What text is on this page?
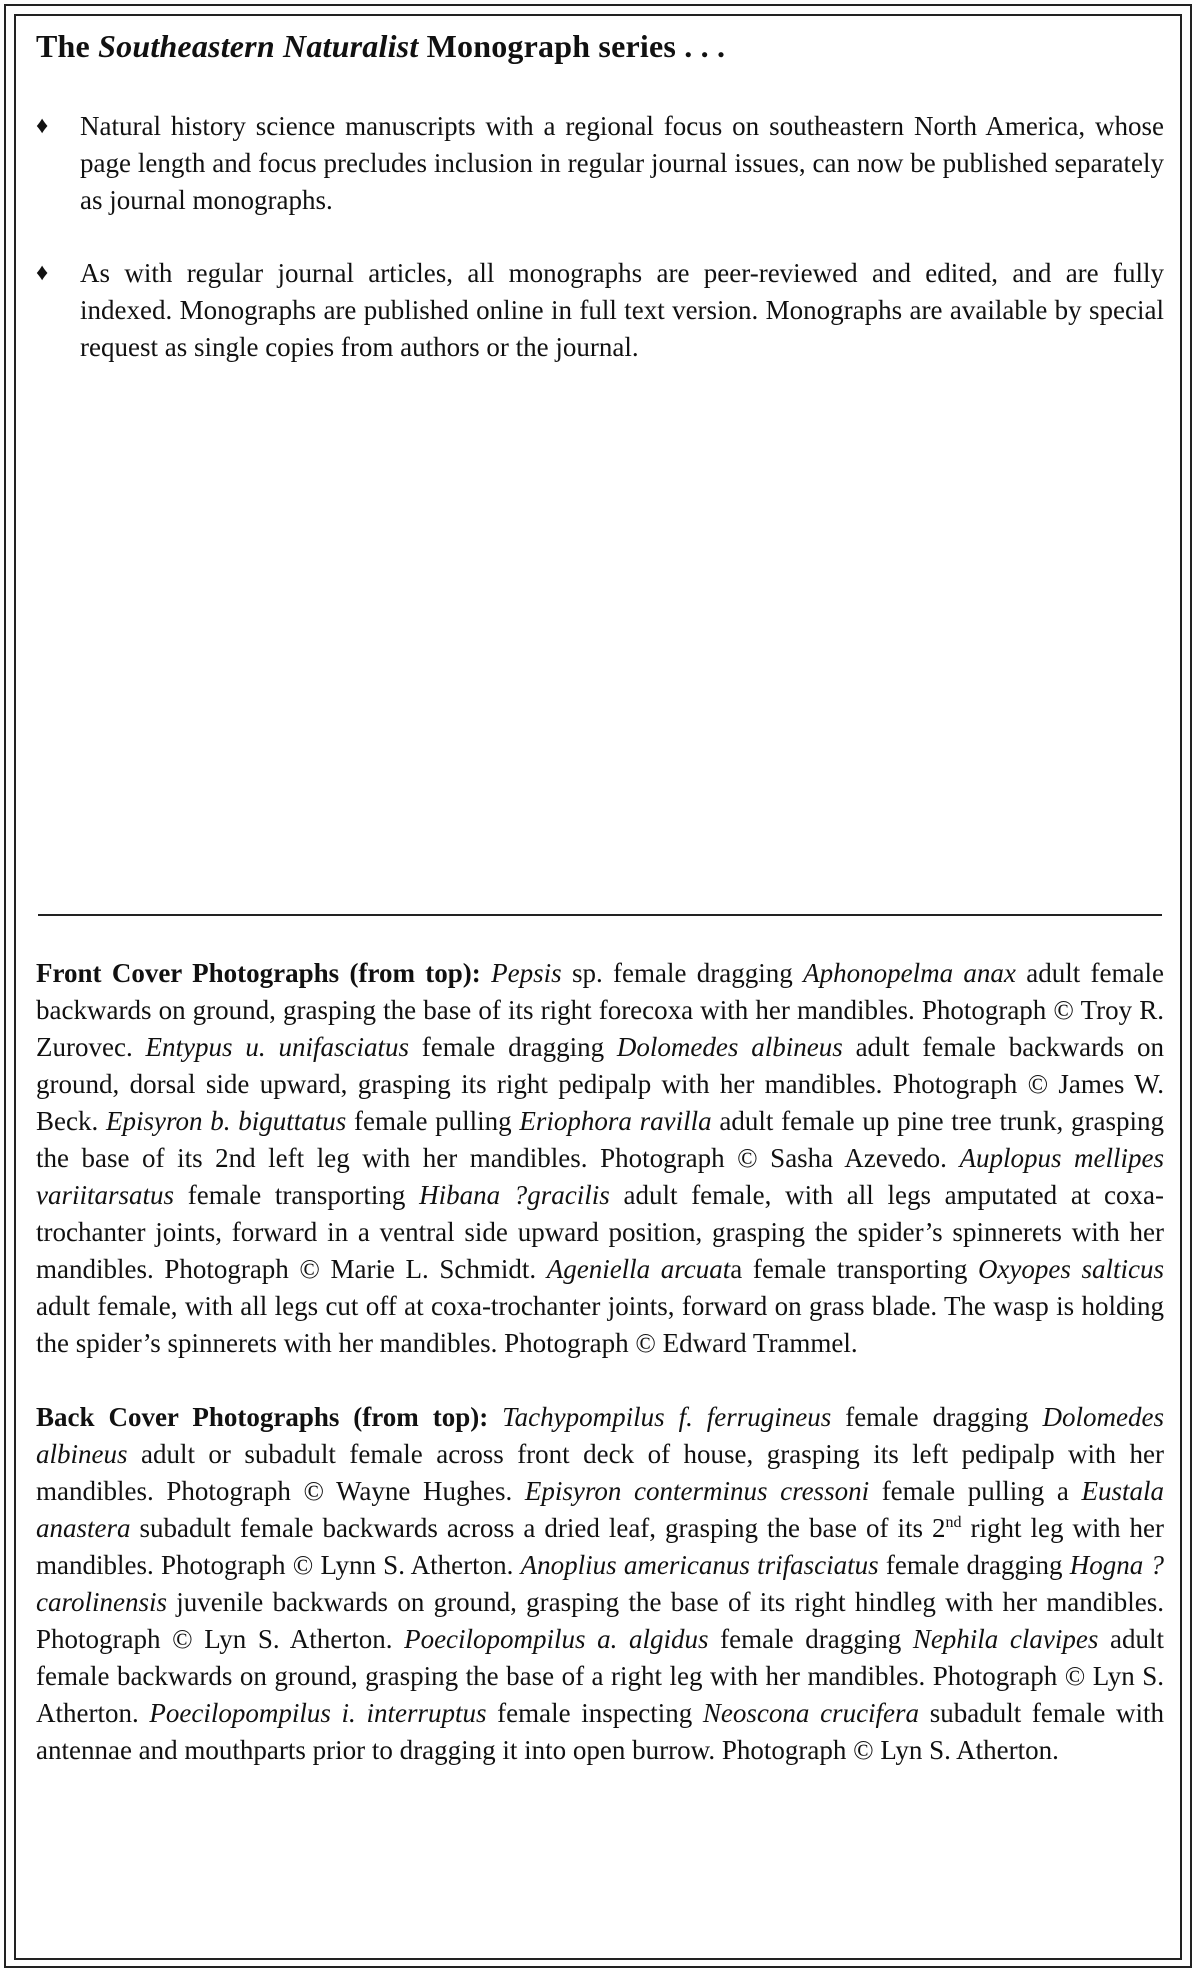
The Southeastern Naturalist Monograph series . . .
♦ Natural history science manuscripts with a regional focus on southeastern North America, whose page length and focus precludes inclusion in regular journal issues, can now be published separately as journal monographs.
♦ As with regular journal articles, all monographs are peer-reviewed and edited, and are fully indexed. Monographs are published online in full text version. Monographs are available by special request as single copies from authors or the journal.

Front Cover Photographs (from top): Pepsis sp. female dragging Aphonopelma anax adult female backwards on ground, grasping the base of its right forecoxa with her mandibles. Photograph © Troy R. Zurovec. Entypus u. unifasciatus female dragging Dolomedes albineus adult female backwards on ground, dorsal side upward, grasping its right pedipalp with her mandibles. Photograph © James W. Beck. Episyron b. biguttatus female pulling Eriophora ravilla adult female up pine tree trunk, grasping the base of its 2nd left leg with her mandibles. Photograph © Sasha Azevedo. Auplopus mellipes variitarsatus female transporting Hibana ?gracilis adult female, with all legs amputated at coxa-trochanter joints, forward in a ventral side upward position, grasping the spider’s spinnerets with her mandibles. Photograph © Marie L. Schmidt. Ageniella arcuata female transporting Oxyopes salticus adult female, with all legs cut off at coxa-trochanter joints, forward on grass blade. The wasp is holding the spider’s spinnerets with her mandibles. Photograph © Edward Trammel.

Back Cover Photographs (from top): Tachypompilus f. ferrugineus female dragging Dolomedes albineus adult or subadult female across front deck of house, grasping its left pedipalp with her mandibles. Photograph © Wayne Hughes. Episyron conterminus cressoni female pulling a Eustala anastera subadult female backwards across a dried leaf, grasping the base of its 2nd right leg with her mandibles. Photograph © Lynn S. Atherton. Anoplius americanus trifasciatus female dragging Hogna ?carolinensis juvenile backwards on ground, grasping the base of its right hindleg with her mandibles. Photograph © Lyn S. Atherton. Poecilopompilus a. algidus female dragging Nephila clavipes adult female backwards on ground, grasping the base of a right leg with her mandibles. Photograph © Lyn S. Atherton. Poecilopompilus i. interruptus female inspecting Neoscona crucifera subadult female with antennae and mouthparts prior to dragging it into open burrow. Photograph © Lyn S. Atherton.
